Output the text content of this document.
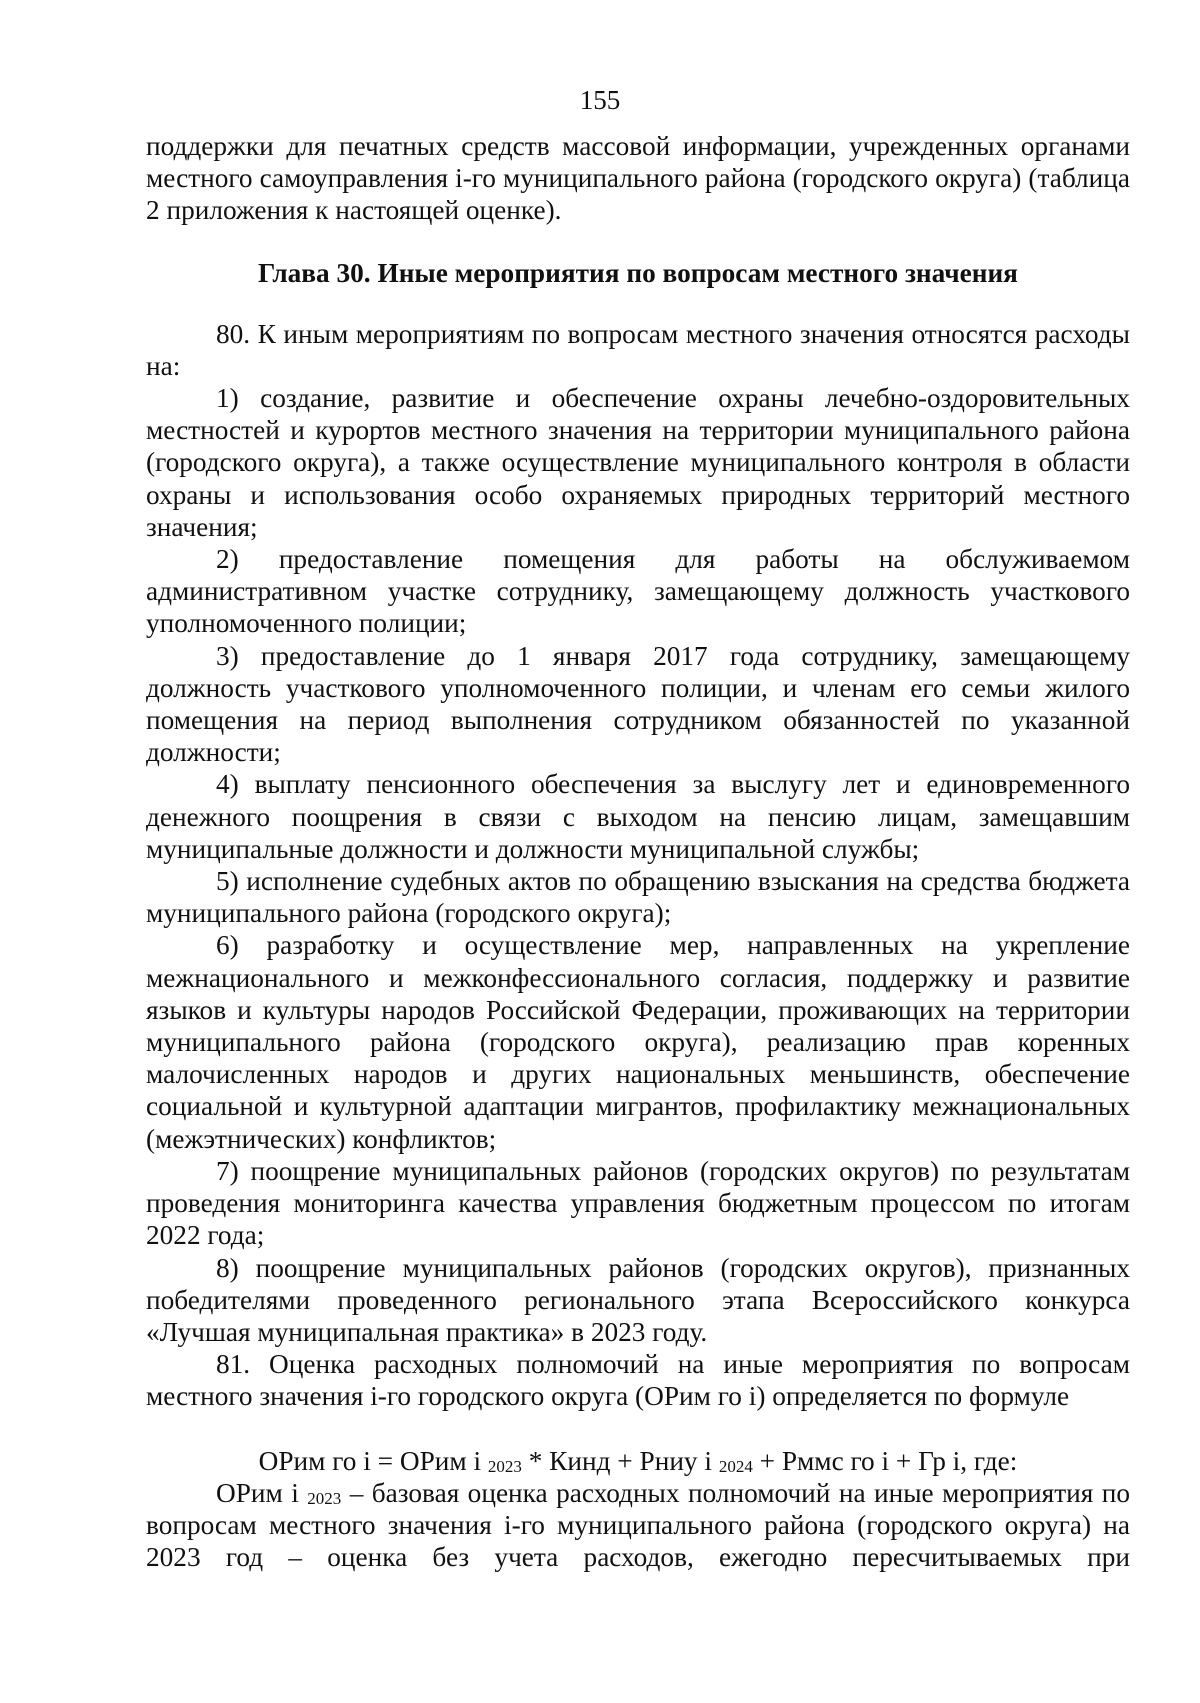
155

поддержки для печатных средств массовой информации, учрежденных органами местного самоуправления i-го муниципального района (городского округа) (таблица 2 приложения к настоящей оценке).

Глава 30. Иные мероприятия по вопросам местного значения

80. К иным мероприятиям по вопросам местного значения относятся расходы на:

1) создание, развитие и обеспечение охраны лечебно-оздоровительных местностей и курортов местного значения на территории муниципального района (городского округа), а также осуществление муниципального контроля в области охраны и использования особо охраняемых природных территорий местного значения;

2) предоставление помещения для работы на обслуживаемом административном участке сотруднику, замещающему должность участкового уполномоченного полиции;

3) предоставление до 1 января 2017 года сотруднику, замещающему должность участкового уполномоченного полиции, и членам его семьи жилого помещения на период выполнения сотрудником обязанностей по указанной должности;

4) выплату пенсионного обеспечения за выслугу лет и единовременного денежного поощрения в связи с выходом на пенсию лицам, замещавшим муниципальные должности и должности муниципальной службы;

5) исполнение судебных актов по обращению взыскания на средства бюджета муниципального района (городского округа);

6) разработку и осуществление мер, направленных на укрепление межнационального и межконфессионального согласия, поддержку и развитие языков и культуры народов Российской Федерации, проживающих на территории муниципального района (городского округа), реализацию прав коренных малочисленных народов и других национальных меньшинств, обеспечение социальной и культурной адаптации мигрантов, профилактику межнациональных (межэтнических) конфликтов;

7) поощрение муниципальных районов (городских округов) по результатам проведения мониторинга качества управления бюджетным процессом по итогам 2022 года;

8) поощрение муниципальных районов (городских округов), признанных победителями проведенного регионального этапа Всероссийского конкурса «Лучшая муниципальная практика» в 2023 году.

81. Оценка расходных полномочий на иные мероприятия по вопросам местного значения i-го городского округа (ОРим го i) определяется по формуле

ОРим го i = ОРим i $_{2023}$ * Кинд + Рниу i $_{2024}$ + Рммс го i + Гр i, где:

ОРим i $_{2023}$ – базовая оценка расходных полномочий на иные мероприятия по вопросам местного значения i-го муниципального района (городского округа) на 2023 год – оценка без учета расходов, ежегодно пересчитываемых при
